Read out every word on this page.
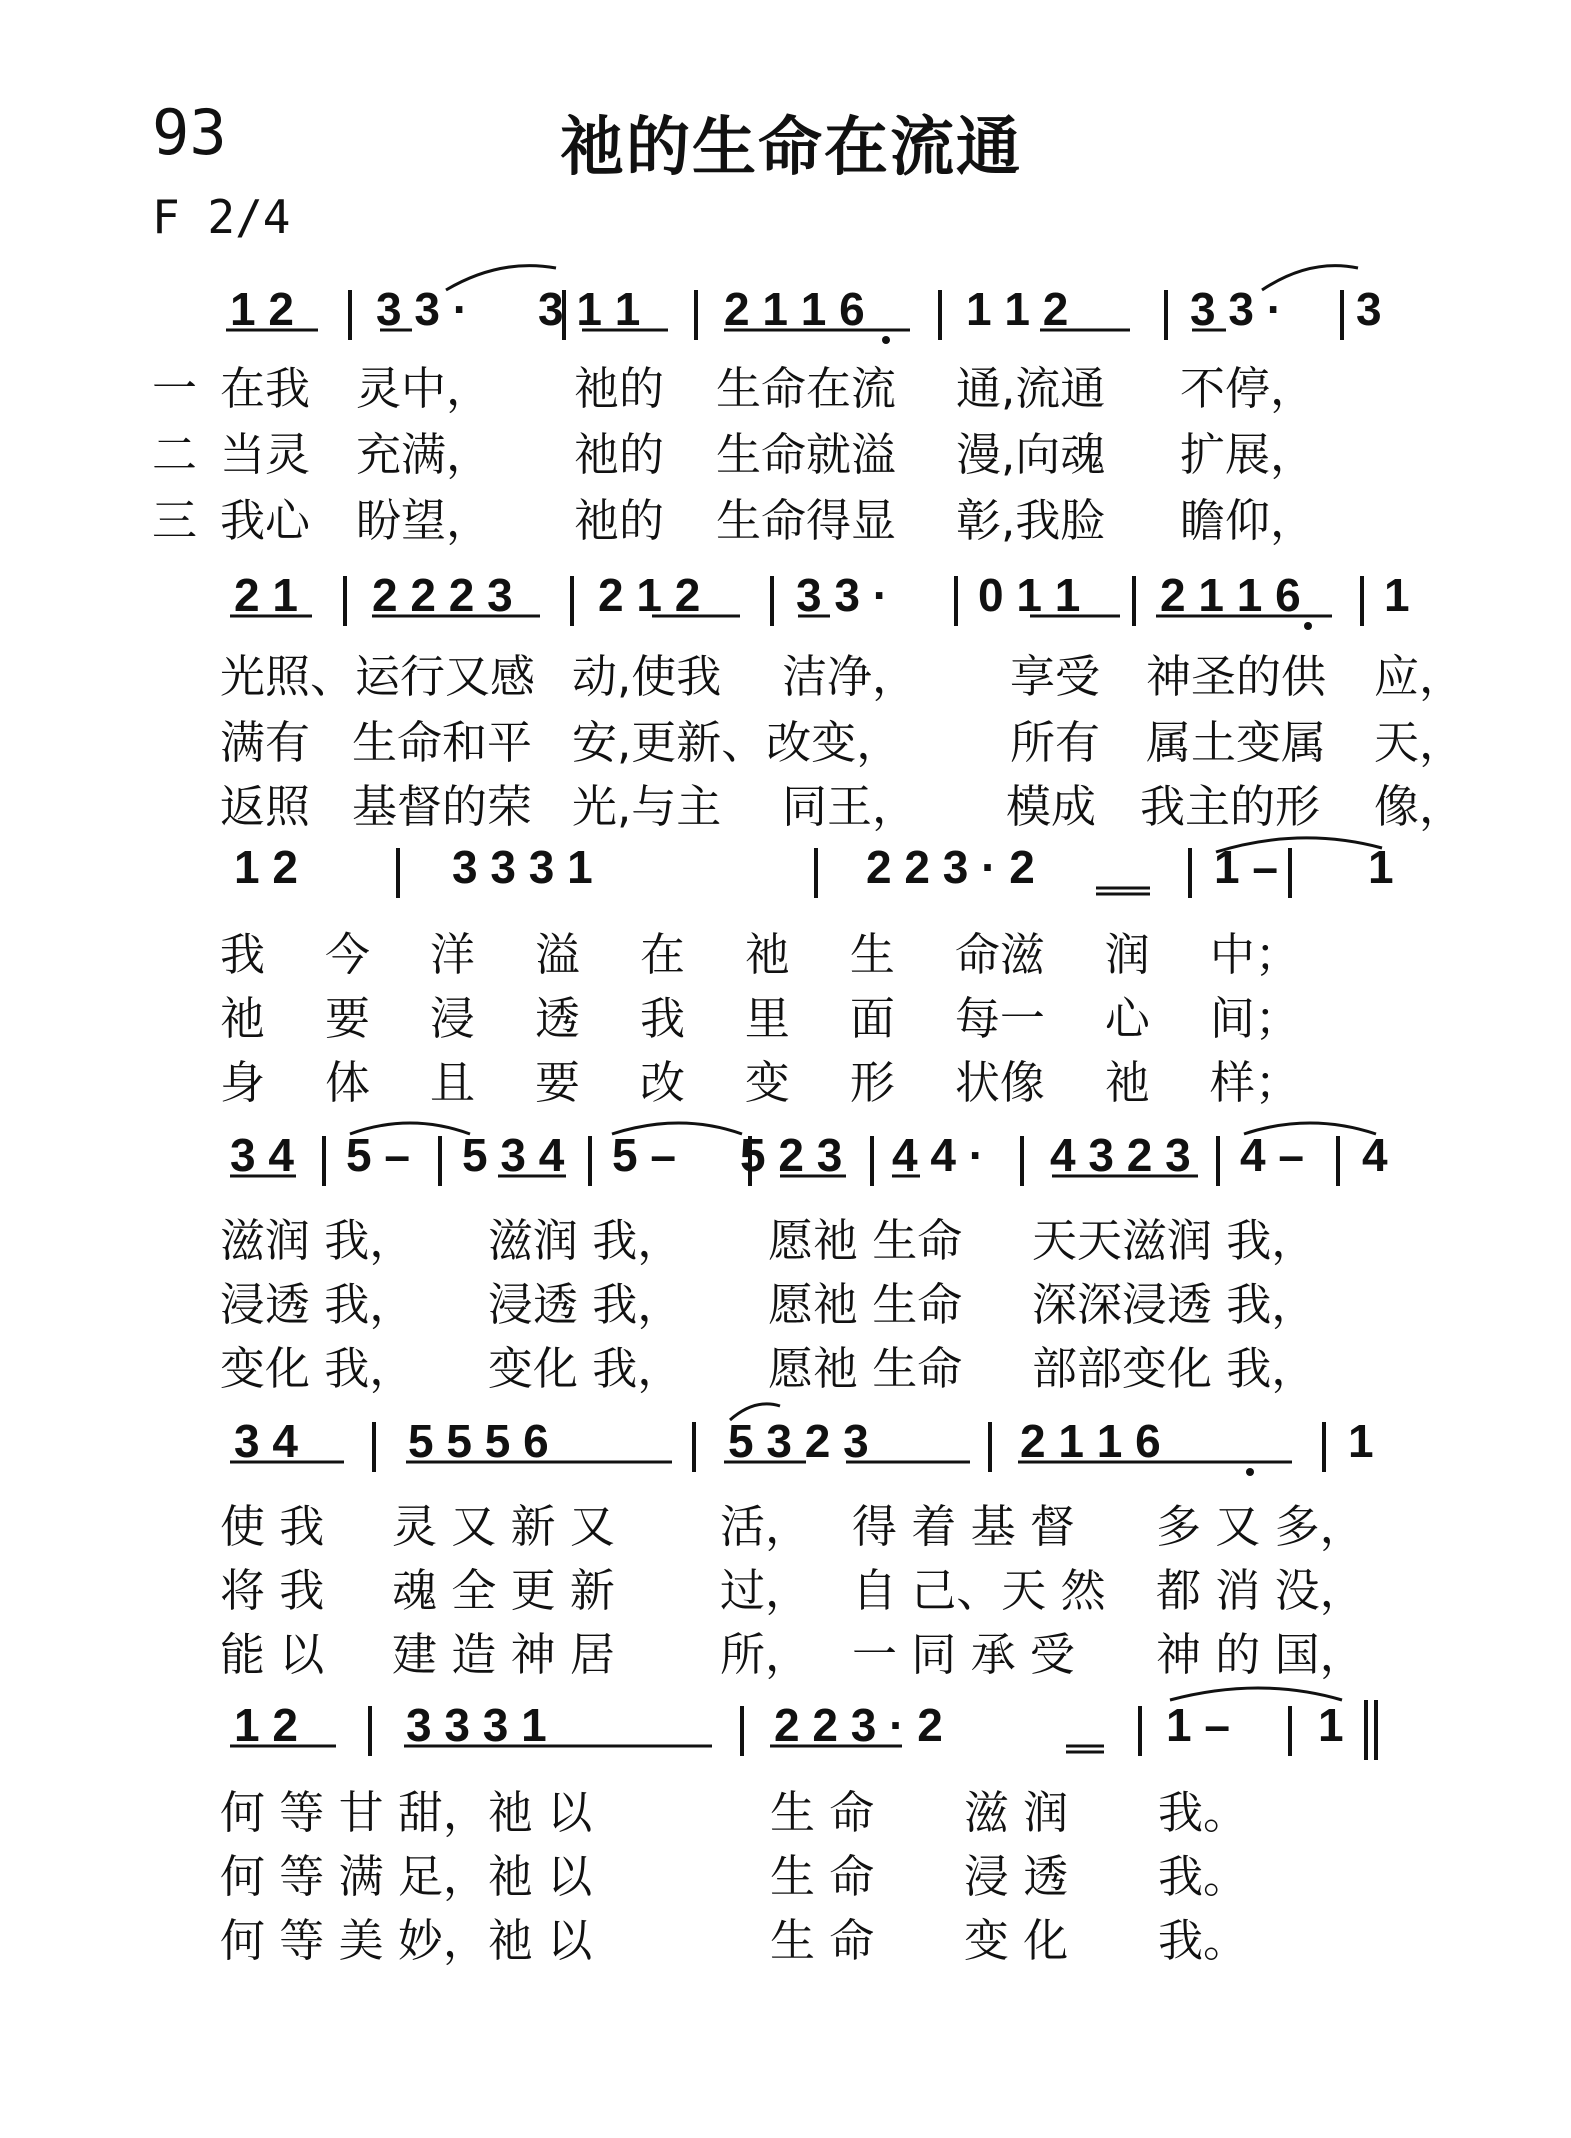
93	祂的生命在流通
F 2/4
1 2 3 3 · 3 1 1 2 1 1 6 1 1 2	3 3 · 3
一
二
三
在我 灵中， 祂的 生命在流 通,流通 不停，
当灵 充满， 祂的 生命就溢 漫,向魂 扩展，
我心 盼望， 祂的 生命得显 彰,我脸 瞻仰，
2 1 2 2 2 3 2 1 2 3 3 · 0 1 1 2 1 1 6 1
光照、运行又感 动,使我 洁净， 享受 神圣的供 应，
满有 生命和平 安,更新、改变， 所有 属土变属 天，
返照 基督的荣 光,与主 同王， 模成 我主的形 像，
1 2	3 3 3 1	2 2 3 · 2	1 – 1
我 今 洋 溢 在 祂 生 命滋 润 中；
祂 要 浸 透 我 里 面 每一 心 间；
身 体 且 要 改 变 形 状像 祂 样；
3 4 5 – 5 3 4 5 – 5 2 3 4 4 · 4 3 2 3 4 – 4
滋润 我， 滋润 我， 愿祂 生命 天天滋润 我，
浸透 我， 浸透 我， 愿祂 生命 深深浸透 我，
变化 我， 变化 我， 愿祂 生命 部部变化 我，
3 4 5 5 5 6	5 3 2 3	2 1 1 6	1
使 我 灵 又 新 又 活， 得 着 基 督 多 又 多，
将 我 魂 全 更 新 过， 自 己、天 然 都 消 没，
能 以 建 造 神 居 所， 一 同 承 受 神 的 国，
1 2 3 3 3 1	2 2 3 · 2	1 – 1
何 等 甘 甜，祂 以	生 命 滋 润 我。
何 等 满 足，祂 以	生 命 浸 透 我。
何 等 美 妙，祂 以	生 命 变 化 我。
